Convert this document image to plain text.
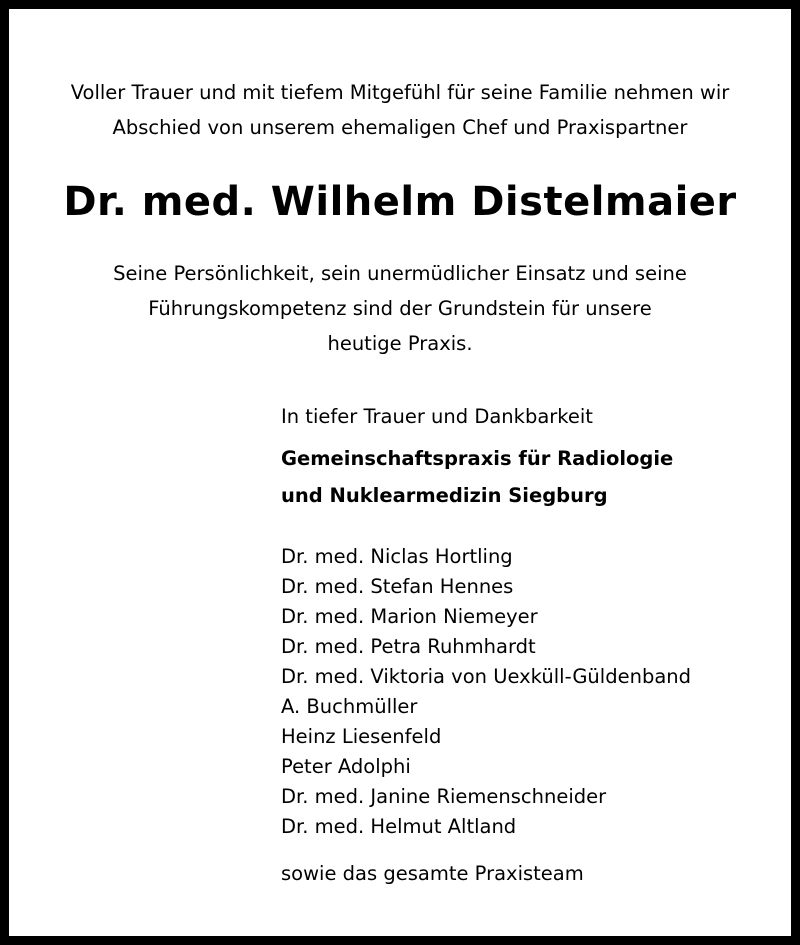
Voller Trauer und mit tiefem Mitgefühl für seine Familie nehmen wir
Abschied von unserem ehemaligen Chef und Praxispartner
Dr. med. Wilhelm Distelmaier
Seine Persönlichkeit, sein unermüdlicher Einsatz und seine
Führungskompetenz sind der Grundstein für unsere
heutige Praxis.
In tiefer Trauer und Dankbarkeit
Gemeinschaftspraxis für Radiologie
und Nuklearmedizin Siegburg
Dr. med. Niclas Hortling
Dr. med. Stefan Hennes
Dr. med. Marion Niemeyer
Dr. med. Petra Ruhmhardt
Dr. med. Viktoria von Uexküll-Güldenband
A. Buchmüller
Heinz Liesenfeld
Peter Adolphi
Dr. med. Janine Riemenschneider
Dr. med. Helmut Altland
sowie das gesamte Praxisteam
